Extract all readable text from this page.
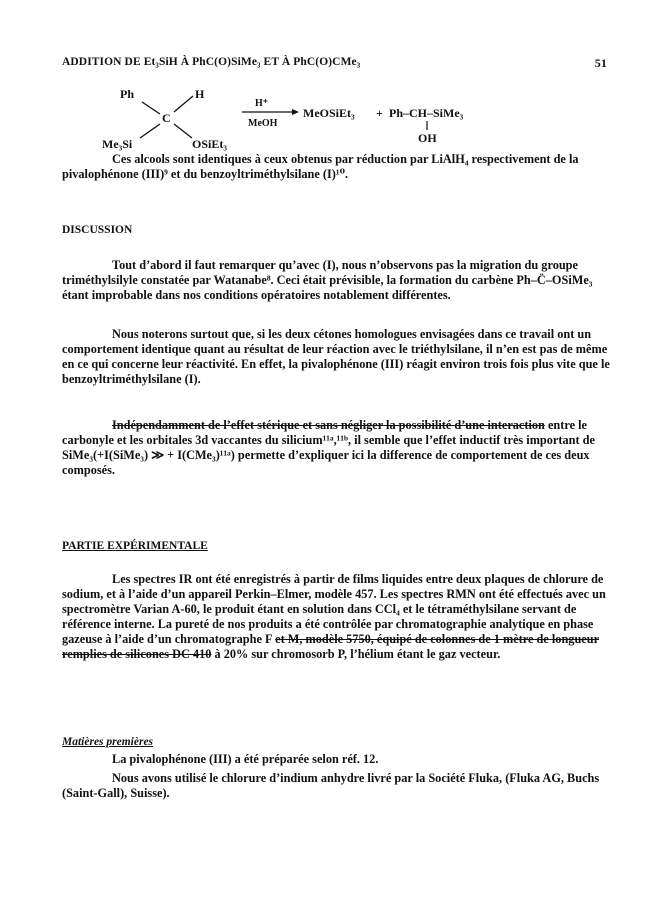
ADDITION DE Et₃SiH À PhC(O)SiMe₃ ET À PhC(O)CMe₃	51
Ph	H
C
Me₃Si	OSiEt₃
H⁺
MeOH
MeOSiEt₃ + Ph–CH–SiMe₃
OH
Ces alcools sont identiques à ceux obtenus par réduction par LiAlH₄ respectivement de la pivalophénone (III)⁹ et du benzoyltriméthylsilane (I)¹⁰.
DISCUSSION
Tout d’abord il faut remarquer qu’avec (I), nous n’observons pas la migration du groupe triméthylsilyle constatée par Watanabe⁸. Ceci était prévisible, la formation du carbène Ph–C̈–OSiMe₃ étant improbable dans nos conditions opératoires notablement différentes.
Nous noterons surtout que, si les deux cétones homologues envisagées dans ce travail ont un comportement identique quant au résultat de leur réaction avec le triéthylsilane, il n’en est pas de même en ce qui concerne leur réactivité. En effet, la pivalophénone (III) réagit environ trois fois plus vite que le benzoyltriméthylsilane (I).
Indépendamment de l’effet stérique et sans négliger la possibilité d’une interaction entre le carbonyle et les orbitales 3d vaccantes du silicium¹¹ᵃ,¹¹ᵇ, il semble que l’effet inductif très important de SiMe₃(+I(SiMe₃) ≫ + I(CMe₃)¹¹ᵃ) permette d’expliquer ici la difference de comportement de ces deux composés.
PARTIE EXPÉRIMENTALE
Les spectres IR ont été enregistrés à partir de films liquides entre deux plaques de chlorure de sodium, et à l’aide d’un appareil Perkin–Elmer, modèle 457. Les spectres RMN ont été effectués avec un spectromètre Varian A-60, le produit étant en solution dans CCl₄ et le tétraméthylsilane servant de référence interne. La pureté de nos produits a été contrôlée par chromatographie analytique en phase gazeuse à l’aide d’un chromatographe F et M, modèle 5750, équipé de colonnes de 1 mètre de longueur remplies de silicones DC 410 à 20% sur chromosorb P, l’hélium étant le gaz vecteur.
Matières premières
La pivalophénone (III) a été préparée selon réf. 12.
Nous avons utilisé le chlorure d’indium anhydre livré par la Société Fluka, (Fluka AG, Buchs (Saint-Gall), Suisse).
